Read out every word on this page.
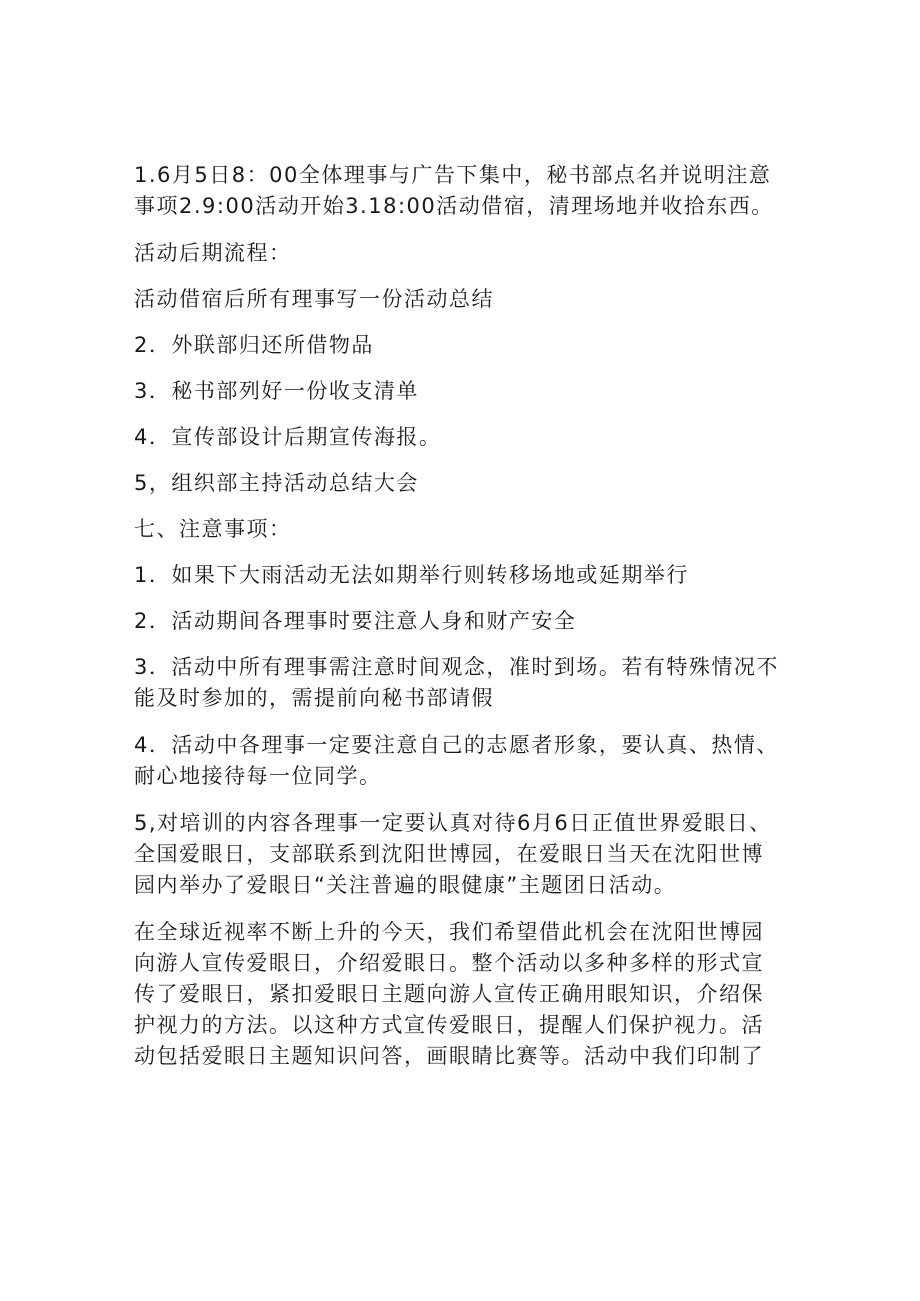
1.6月5日8：00全体理事与广告下集中，秘书部点名并说明注意事项2.9:00活动开始3.18:00活动借宿，清理场地并收拾东西。

活动后期流程：

活动借宿后所有理事写一份活动总结

2．外联部归还所借物品

3．秘书部列好一份收支清单

4．宣传部设计后期宣传海报。

5，组织部主持活动总结大会

七、注意事项：

1．如果下大雨活动无法如期举行则转移场地或延期举行

2．活动期间各理事时要注意人身和财产安全

3．活动中所有理事需注意时间观念，准时到场。若有特殊情况不能及时参加的，需提前向秘书部请假

4．活动中各理事一定要注意自己的志愿者形象，要认真、热情、耐心地接待每一位同学。

5,对培训的内容各理事一定要认真对待6月6日正值世界爱眼日、全国爱眼日，支部联系到沈阳世博园，在爱眼日当天在沈阳世博园内举办了爱眼日“关注普遍的眼健康”主题团日活动。

在全球近视率不断上升的今天，我们希望借此机会在沈阳世博园向游人宣传爱眼日，介绍爱眼日。整个活动以多种多样的形式宣传了爱眼日，紧扣爱眼日主题向游人宣传正确用眼知识，介绍保护视力的方法。以这种方式宣传爱眼日，提醒人们保护视力。活动包括爱眼日主题知识问答，画眼睛比赛等。活动中我们印制了
